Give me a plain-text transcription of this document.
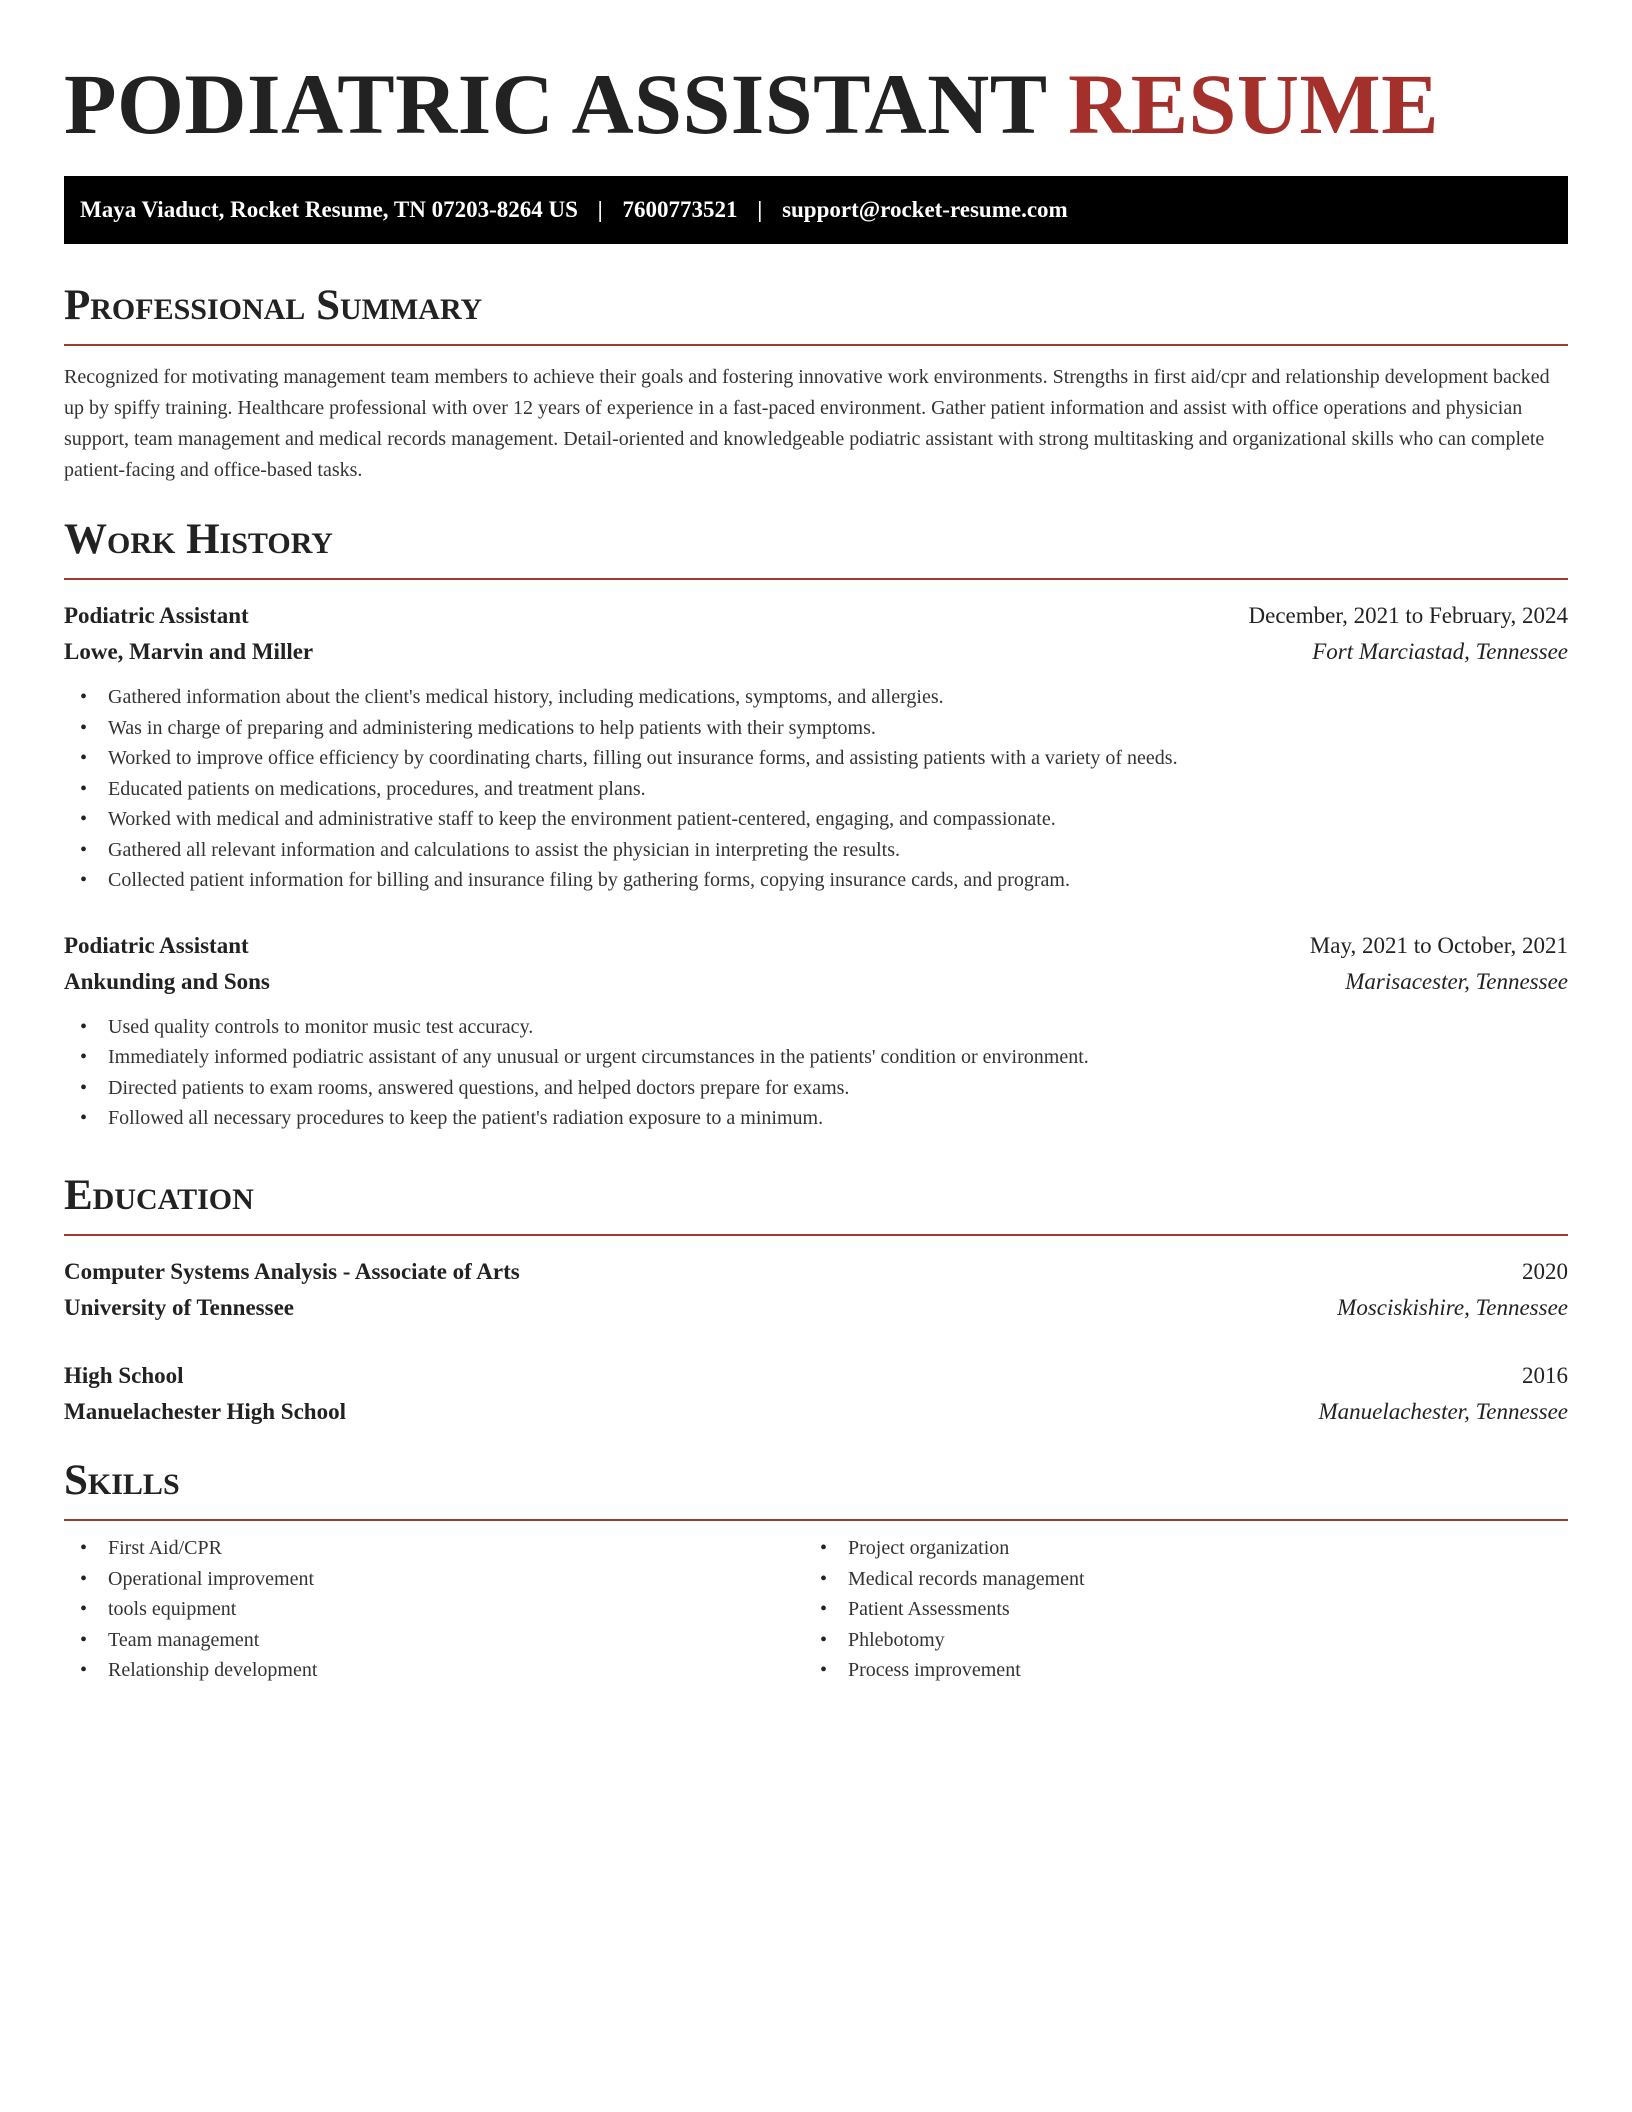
PODIATRIC ASSISTANT RESUME
Maya Viaduct, Rocket Resume, TN 07203-8264 US | 7600773521 | support@rocket-resume.com
Professional Summary

Recognized for motivating management team members to achieve their goals and fostering innovative work environments. Strengths in first aid/cpr and relationship development backed up by spiffy training. Healthcare professional with over 12 years of experience in a fast-paced environment. Gather patient information and assist with office operations and physician support, team management and medical records management. Detail-oriented and knowledgeable podiatric assistant with strong multitasking and organizational skills who can complete patient-facing and office-based tasks.

Work History
Podiatric Assistant	December, 2021 to February, 2024
Lowe, Marvin and Miller	Fort Marciastad, Tennessee
• Gathered information about the client's medical history, including medications, symptoms, and allergies.
• Was in charge of preparing and administering medications to help patients with their symptoms.
• Worked to improve office efficiency by coordinating charts, filling out insurance forms, and assisting patients with a variety of needs.
• Educated patients on medications, procedures, and treatment plans.
• Worked with medical and administrative staff to keep the environment patient-centered, engaging, and compassionate.
• Gathered all relevant information and calculations to assist the physician in interpreting the results.
• Collected patient information for billing and insurance filing by gathering forms, copying insurance cards, and program.
Podiatric Assistant	May, 2021 to October, 2021
Ankunding and Sons	Marisacester, Tennessee
• Used quality controls to monitor music test accuracy.
• Immediately informed podiatric assistant of any unusual or urgent circumstances in the patients' condition or environment.
• Directed patients to exam rooms, answered questions, and helped doctors prepare for exams.
• Followed all necessary procedures to keep the patient's radiation exposure to a minimum.
Education
Computer Systems Analysis - Associate of Arts	2020
University of Tennessee	Mosciskishire, Tennessee
High School	2016
Manuelachester High School	Manuelachester, Tennessee
Skills
• First Aid/CPR
• Operational improvement
• tools equipment
• Team management
• Relationship development
• Project organization
• Medical records management
• Patient Assessments
• Phlebotomy
• Process improvement
